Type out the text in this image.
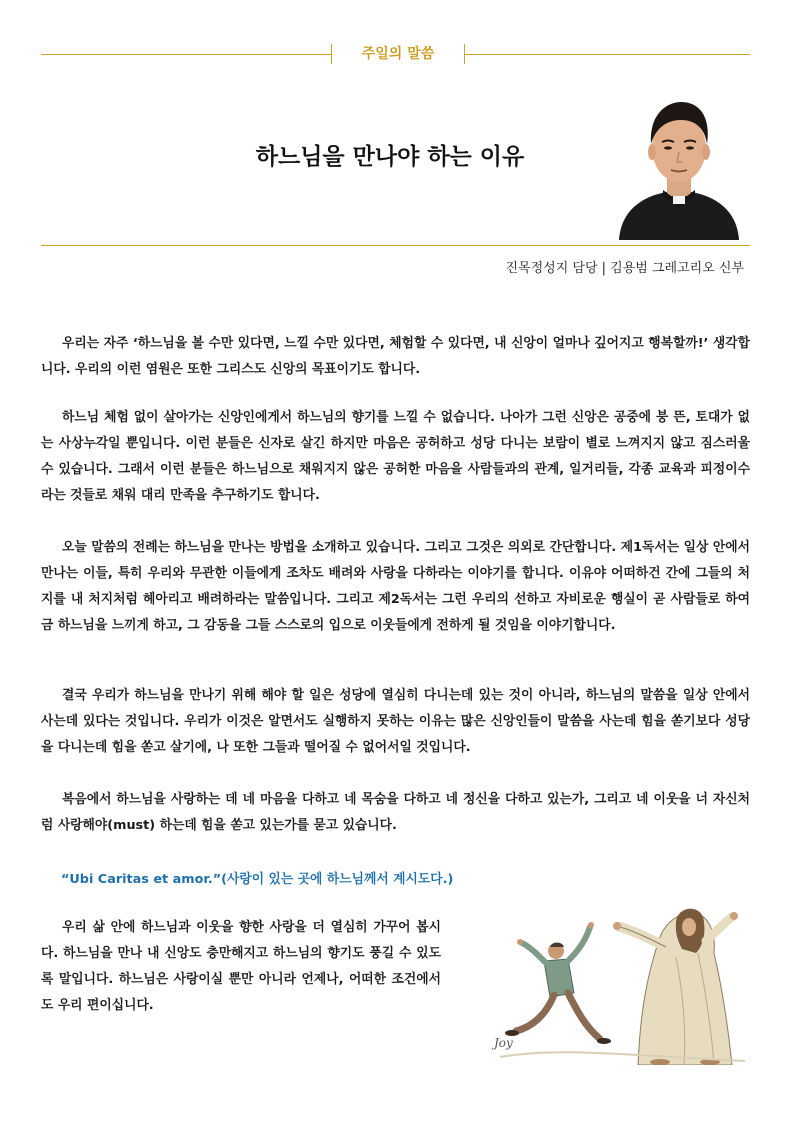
주일의 말씀
하느님을 만나야 하는 이유
진목정성지 담당 | 김용범 그레고리오 신부

우리는 자주 ‘하느님을 볼 수만 있다면, 느낄 수만 있다면, 체험할 수 있다면, 내 신앙이 얼마나 깊어지고 행복할까!’ 생각합니다. 우리의 이런 염원은 또한 그리스도 신앙의 목표이기도 합니다.

하느님 체험 없이 살아가는 신앙인에게서 하느님의 향기를 느낄 수 없습니다. 나아가 그런 신앙은 공중에 붕 뜬, 토대가 없는 사상누각일 뿐입니다. 이런 분들은 신자로 살긴 하지만 마음은 공허하고 성당 다니는 보람이 별로 느껴지지 않고 짐스러울 수 있습니다. 그래서 이런 분들은 하느님으로 채워지지 않은 공허한 마음을 사람들과의 관계, 일거리들, 각종 교육과 피정이수라는 것들로 채워 대리 만족을 추구하기도 합니다.

오늘 말씀의 전례는 하느님을 만나는 방법을 소개하고 있습니다. 그리고 그것은 의외로 간단합니다. 제1독서는 일상 안에서 만나는 이들, 특히 우리와 무관한 이들에게 조차도 배려와 사랑을 다하라는 이야기를 합니다. 이유야 어떠하건 간에 그들의 처지를 내 처지처럼 헤아리고 배려하라는 말씀입니다. 그리고 제2독서는 그런 우리의 선하고 자비로운 행실이 곧 사람들로 하여금 하느님을 느끼게 하고, 그 감동을 그들 스스로의 입으로 이웃들에게 전하게 될 것임을 이야기합니다.

결국 우리가 하느님을 만나기 위해 해야 할 일은 성당에 열심히 다니는데 있는 것이 아니라, 하느님의 말씀을 일상 안에서 사는데 있다는 것입니다. 우리가 이것은 알면서도 실행하지 못하는 이유는 많은 신앙인들이 말씀을 사는데 힘을 쏟기보다 성당을 다니는데 힘을 쏟고 살기에, 나 또한 그들과 떨어질 수 없어서일 것입니다.

복음에서 하느님을 사랑하는 데 네 마음을 다하고 네 목숨을 다하고 네 정신을 다하고 있는가, 그리고 네 이웃을 너 자신처럼 사랑해야(must) 하는데 힘을 쏟고 있는가를 묻고 있습니다.

“Ubi Caritas et amor.”(사랑이 있는 곳에 하느님께서 계시도다.)

우리 삶 안에 하느님과 이웃을 향한 사랑을 더 열심히 가꾸어 봅시다. 하느님을 만나 내 신앙도 충만해지고 하느님의 향기도 풍길 수 있도록 말입니다. 하느님은 사랑이실 뿐만 아니라 언제나, 어떠한 조건에서도 우리 편이십니다.

Joy
